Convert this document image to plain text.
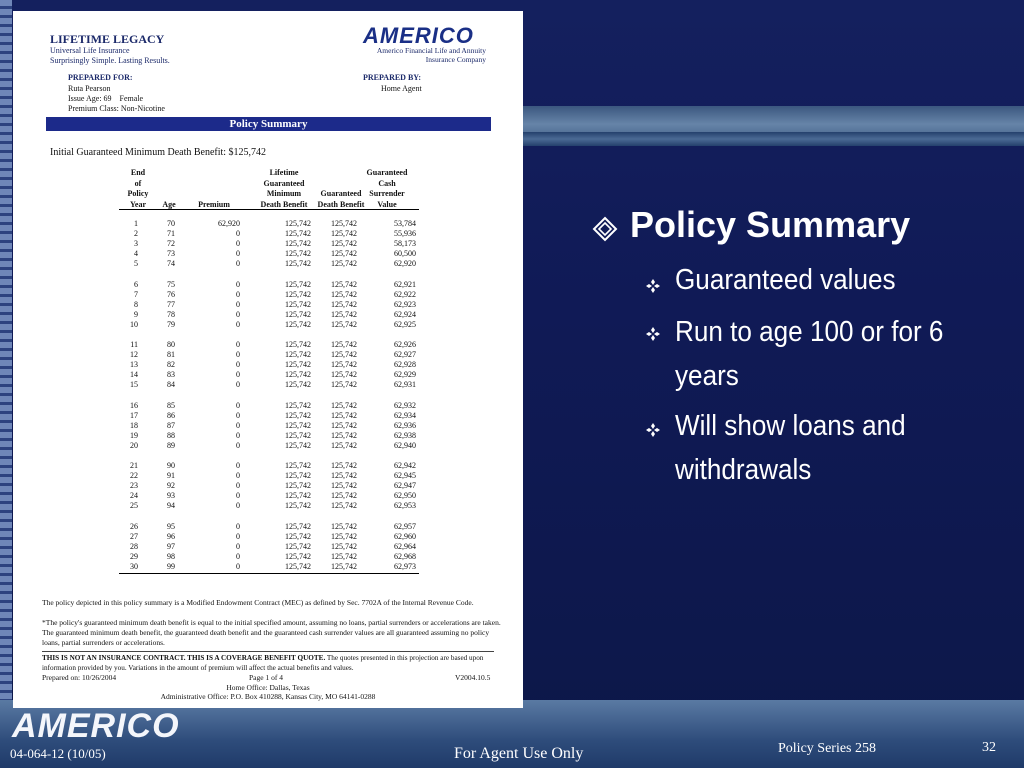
LIFETIME LEGACY
Universal Life Insurance
Surprisingly Simple. Lasting Results.
AMERICO
Americo Financial Life and Annuity
Insurance Company
PREPARED FOR:
Ruta Pearson
Issue Age: 69    Female
Premium Class: Non-Nicotine
PREPARED BY:
Home Agent
Policy Summary
Initial Guaranteed Minimum Death Benefit: $125,742
End
of
Policy
Year	Age	Premium
Lifetime
Guaranteed
Minimum
Death Benefit
Guaranteed
Death Benefit
Guaranteed
Cash
Surrender
Value
1	70	62,920	125,742	125,742	53,784
2	71	0	125,742	125,742	55,936
3	72	0	125,742	125,742	58,173
4	73	0	125,742	125,742	60,500
5	74	0	125,742	125,742	62,920
6	75	0	125,742	125,742	62,921
7	76	0	125,742	125,742	62,922
8	77	0	125,742	125,742	62,923
9	78	0	125,742	125,742	62,924
10	79	0	125,742	125,742	62,925
11	80	0	125,742	125,742	62,926
12	81	0	125,742	125,742	62,927
13	82	0	125,742	125,742	62,928
14	83	0	125,742	125,742	62,929
15	84	0	125,742	125,742	62,931
16	85	0	125,742	125,742	62,932
17	86	0	125,742	125,742	62,934
18	87	0	125,742	125,742	62,936
19	88	0	125,742	125,742	62,938
20	89	0	125,742	125,742	62,940
21	90	0	125,742	125,742	62,942
22	91	0	125,742	125,742	62,945
23	92	0	125,742	125,742	62,947
24	93	0	125,742	125,742	62,950
25	94	0	125,742	125,742	62,953
26	95	0	125,742	125,742	62,957
27	96	0	125,742	125,742	62,960
28	97	0	125,742	125,742	62,964
29	98	0	125,742	125,742	62,968
30	99	0	125,742	125,742	62,973
The policy depicted in this policy summary is a Modified Endowment Contract (MEC) as defined by Sec. 7702A of the Internal Revenue Code.
*The policy's guaranteed minimum death benefit is equal to the initial specified amount, assuming no loans, partial surrenders or accelerations are taken. The guaranteed minimum death benefit, the guaranteed death benefit and the guaranteed cash surrender values are all guaranteed assuming no policy loans, partial surrenders or accelerations.
THIS IS NOT AN INSURANCE CONTRACT. THIS IS A COVERAGE BENEFIT QUOTE. The quotes presented in this projection are based upon information provided by you. Variations in the amount of premium will affect the actual benefits and values.
Prepared on: 10/26/2004	Page 1 of 4	V2004.10.5
Home Office: Dallas, Texas
Administrative Office: P.O. Box 410288, Kansas City, MO 64141-0288
Policy Summary
Guaranteed values
Run to age 100 or for 6 years
Will show loans and withdrawals
AMERICO
04-064-12 (10/05)	For Agent Use Only	Policy Series 258	32
